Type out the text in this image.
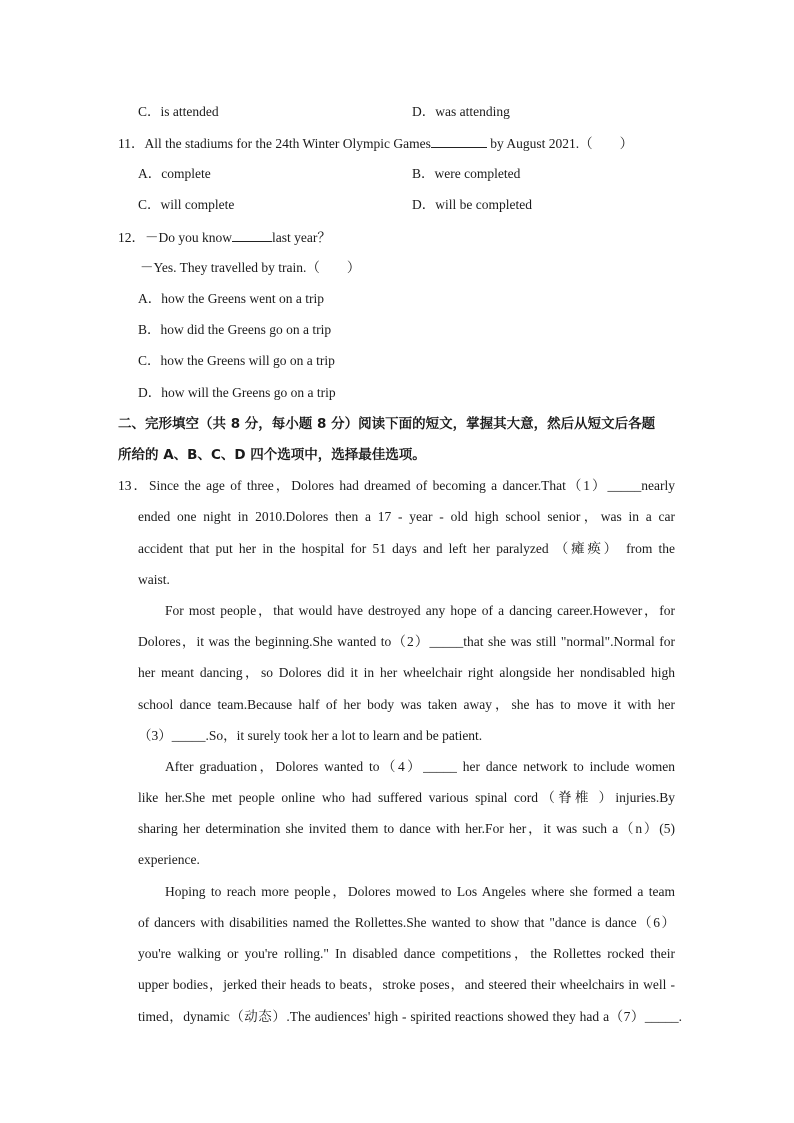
C．is attended	D．was attending
11．All the stadiums for the 24th Winter Olympic Games	by August 2021.（　　）
A．complete	B．were completed
C．will complete	D．will be completed
12．－Do you know	last year？
－Yes. They travelled by train.（　　）
A．how the Greens went on a trip
B．how did the Greens go on a trip
C．how the Greens will go on a trip
D．how will the Greens go on a trip
二、完形填空（共 8 分，每小题 8 分）阅读下面的短文，掌握其大意，然后从短文后各题
所给的 A、B、C、D 四个选项中，选择最佳选项。
13．Since the age of three，Dolores had dreamed of becoming a dancer.That（1）_____nearly
ended one night in 2010.Dolores then a 17 - year - old high school senior，was in a car
accident that put her in the hospital for 51 days and left her paralyzed （瘫痪） from the
waist.
For most people，that would have destroyed any hope of a dancing career.However，for
Dolores，it was the beginning.She wanted to（2）_____that she was still "normal".Normal for
her meant dancing，so Dolores did it in her wheelchair right alongside her nondisabled high
school dance team.Because half of her body was taken away，she has to move it with her
（3）_____.So，it surely took her a lot to learn and be patient.
After graduation，Dolores wanted to（4）_____ her dance network to include women
like her.She met people online who had suffered various spinal cord（脊椎 ）injuries.By
sharing her determination she invited them to dance with her.For her，it was such a（n）(5)
experience.
Hoping to reach more people，Dolores mowed to Los Angeles where she formed a team
of dancers with disabilities named the Rollettes.She wanted to show that "dance is dance（6）
you're walking or you're rolling." In disabled dance competitions，the Rollettes rocked their
upper bodies，jerked their heads to beats，stroke poses，and steered their wheelchairs in well -
timed，dynamic（动态）.The audiences' high - spirited reactions showed they had a（7）_____.
